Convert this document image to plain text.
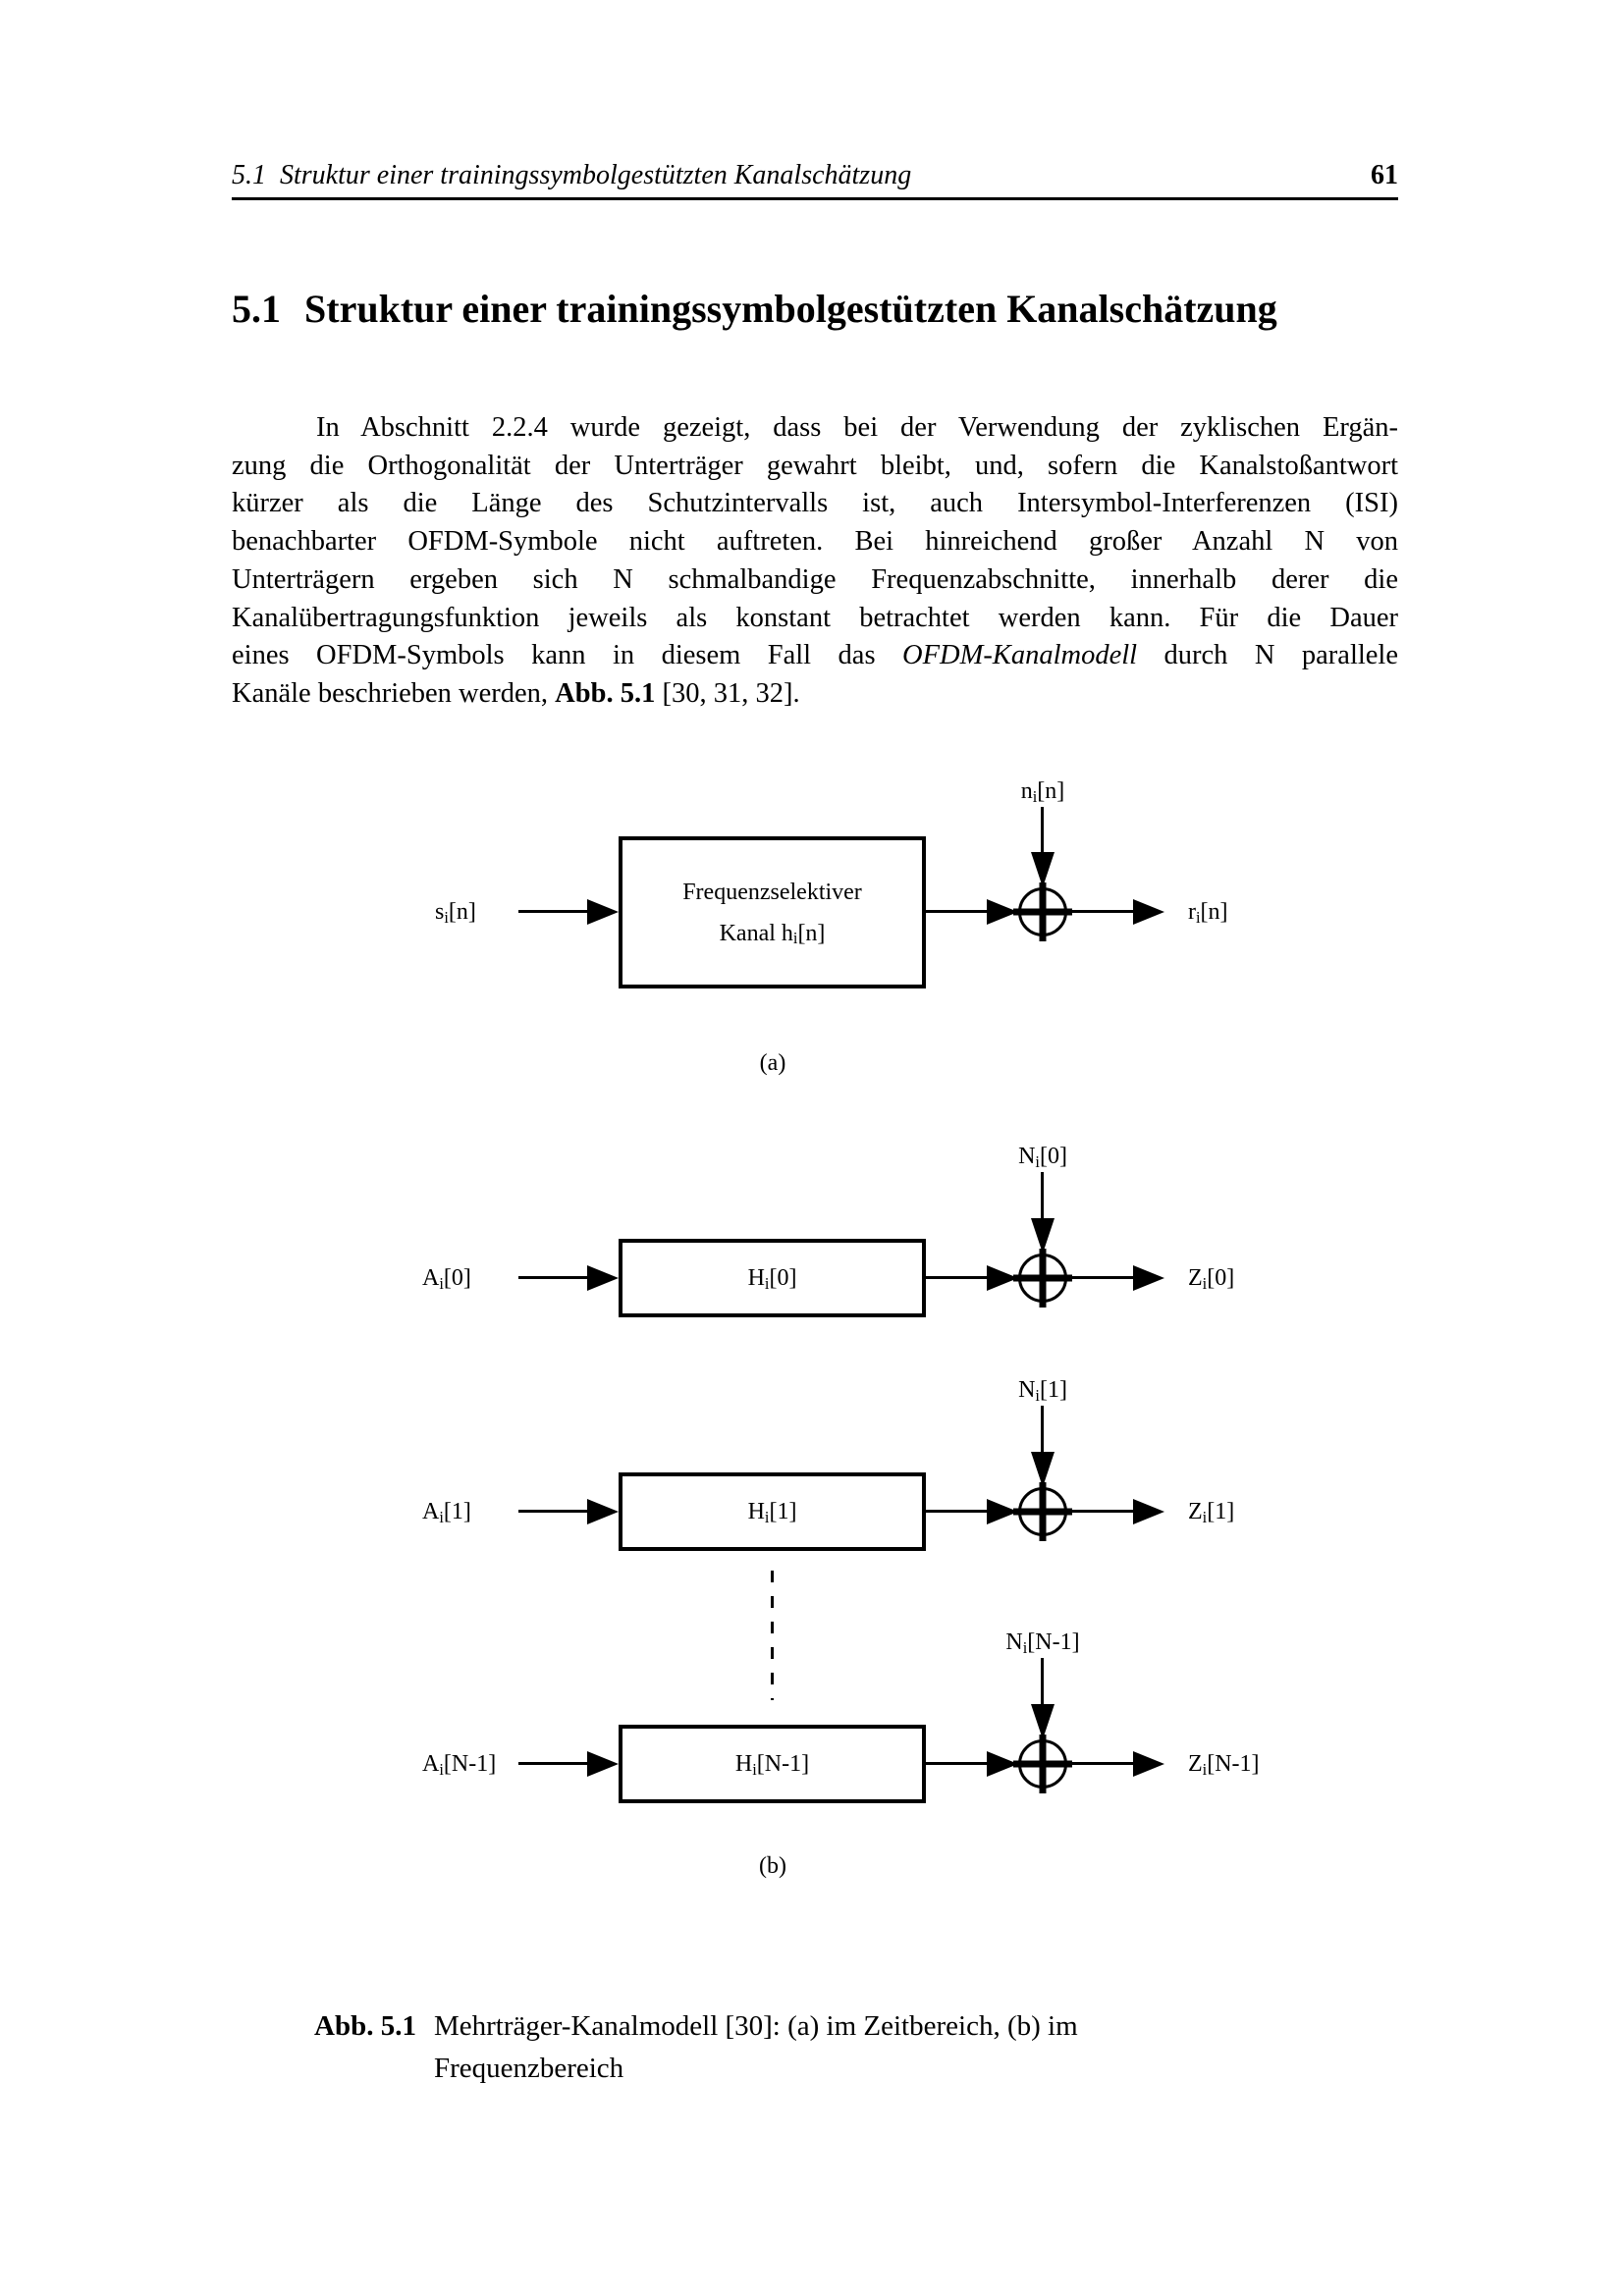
5.1 Struktur einer trainingssymbolgestützten Kanalschätzung	61
5.1 Struktur einer trainingssymbolgestützten Kanalschätzung
In Abschnitt 2.2.4 wurde gezeigt, dass bei der Verwendung der zyklischen Ergän-
zung die Orthogonalität der Unterträger gewahrt bleibt, und, sofern die Kanalstoßantwort
kürzer als die Länge des Schutzintervalls ist, auch Intersymbol-Interferenzen (ISI)
benachbarter OFDM-Symbole nicht auftreten. Bei hinreichend großer Anzahl N von
Unterträgern ergeben sich N schmalbandige Frequenzabschnitte, innerhalb derer die
Kanalübertragungsfunktion jeweils als konstant betrachtet werden kann. Für die Dauer
eines OFDM-Symbols kann in diesem Fall das OFDM-Kanalmodell durch N parallele
Kanäle beschrieben werden, Abb. 5.1 [30, 31, 32].
$s_i[n]$
Frequenzselektiver
Kanal $h_i[n]$
$n_i[n]$
$r_i[n]$
(a)
$A_i[0]$	$H_i[0]$
$N_i[0]$
$Z_i[0]$
$A_i[1]$	$H_i[1]$
$N_i[1]$
$Z_i[1]$
$A_i[N-1]$	$H_i[N-1]$
$N_i[N-1]$
$Z_i[N-1]$
(b)
Abb. 5.1 Mehrträger-Kanalmodell [30]: (a) im Zeitbereich, (b) im
Frequenzbereich
